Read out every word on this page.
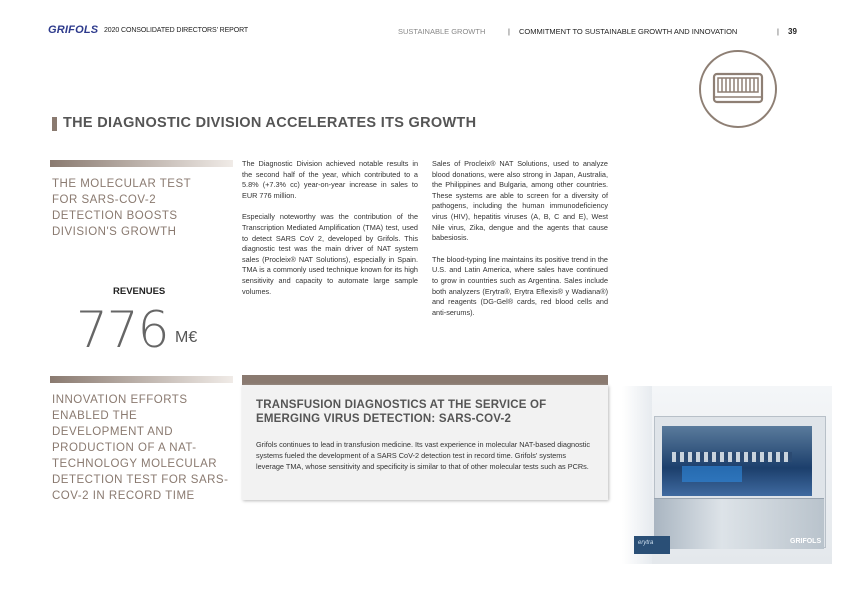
GRIFOLS 2020 CONSOLIDATED DIRECTORS' REPORT	SUSTAINABLE GROWTH	| COMMITMENT TO SUSTAINABLE GROWTH AND INNOVATION	| 39
THE DIAGNOSTIC DIVISION ACCELERATES ITS GROWTH
THE MOLECULAR TEST FOR SARS-COV-2 DETECTION BOOSTS DIVISION'S GROWTH
REVENUES
776 M€
INNOVATION EFFORTS ENABLED THE DEVELOPMENT AND PRODUCTION OF A NAT-TECHNOLOGY MOLECULAR DETECTION TEST FOR SARS-COV-2 IN RECORD TIME

The Diagnostic Division achieved notable results in the second half of the year, which contributed to a 5.8% (+7.3% cc) year-on-year increase in sales to EUR 776 million.

Especially noteworthy was the contribution of the Transcription Mediated Amplification (TMA) test, used to detect SARS CoV 2, developed by Grifols. This diagnostic test was the main driver of NAT system sales (Procleix® NAT Solutions), especially in Spain. TMA is a commonly used technique known for its high sensitivity and capacity to automate large sample volumes.

Sales of Procleix® NAT Solutions, used to analyze blood donations, were also strong in Japan, Australia, the Philippines and Bulgaria, among other countries. These systems are able to screen for a diversity of pathogens, including the human immunodeficiency virus (HIV), hepatitis viruses (A, B, C and E), West Nile virus, Zika, dengue and the agents that cause babesiosis.

The blood-typing line maintains its positive trend in the U.S. and Latin America, where sales have continued to grow in countries such as Argentina. Sales include both analyzers (Erytra®, Erytra Eflexis® y Wadiana®) and reagents (DG-Gel® cards, red blood cells and anti-serums).

TRANSFUSION DIAGNOSTICS AT THE SERVICE OF EMERGING VIRUS DETECTION: SARS-COV-2
Grifols continues to lead in transfusion medicine. Its vast experience in molecular NAT-based diagnostic systems fueled the development of a SARS CoV-2 detection test in record time. Grifols' systems leverage TMA, whose sensitivity and specificity is similar to that of other molecular tests such as PCRs.
erytra	GRIFOLS
